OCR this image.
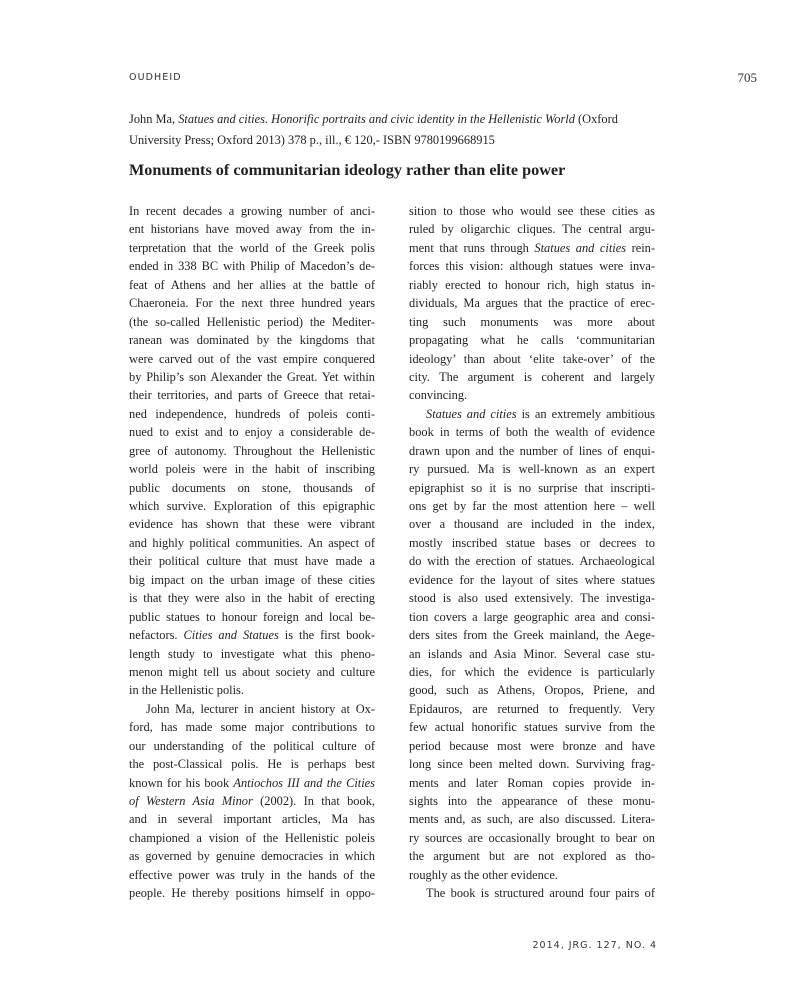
OUDHEID	705
John Ma, Statues and cities. Honorific portraits and civic identity in the Hellenistic World (Oxford
University Press; Oxford 2013) 378 p., ill., € 120,- ISBN 9780199668915
Monuments of communitarian ideology rather than elite power
In recent decades a growing number of anci-
ent historians have moved away from the in-
terpretation that the world of the Greek polis
ended in 338 BC with Philip of Macedon’s de-
feat of Athens and her allies at the battle of
Chaeroneia. For the next three hundred years
(the so-called Hellenistic period) the Mediter-
ranean was dominated by the kingdoms that
were carved out of the vast empire conquered
by Philip’s son Alexander the Great. Yet within
their territories, and parts of Greece that retai-
ned independence, hundreds of poleis conti-
nued to exist and to enjoy a considerable de-
gree of autonomy. Throughout the Hellenistic
world poleis were in the habit of inscribing
public documents on stone, thousands of
which survive. Exploration of this epigraphic
evidence has shown that these were vibrant
and highly political communities. An aspect of
their political culture that must have made a
big impact on the urban image of these cities
is that they were also in the habit of erecting
public statues to honour foreign and local be-
nefactors. Cities and Statues is the first book-
length study to investigate what this pheno-
menon might tell us about society and culture
in the Hellenistic polis.
John Ma, lecturer in ancient history at Ox-
ford, has made some major contributions to
our understanding of the political culture of
the post-Classical polis. He is perhaps best
known for his book Antiochos III and the Cities
of Western Asia Minor (2002). In that book,
and in several important articles, Ma has
championed a vision of the Hellenistic poleis
as governed by genuine democracies in which
effective power was truly in the hands of the
people. He thereby positions himself in oppo-
sition to those who would see these cities as
ruled by oligarchic cliques. The central argu-
ment that runs through Statues and cities rein-
forces this vision: although statues were inva-
riably erected to honour rich, high status in-
dividuals, Ma argues that the practice of erec-
ting such monuments was more about
propagating what he calls ‘communitarian
ideology’ than about ‘elite take-over’ of the
city. The argument is coherent and largely
convincing.
Statues and cities is an extremely ambitious
book in terms of both the wealth of evidence
drawn upon and the number of lines of enqui-
ry pursued. Ma is well-known as an expert
epigraphist so it is no surprise that inscripti-
ons get by far the most attention here – well
over a thousand are included in the index,
mostly inscribed statue bases or decrees to
do with the erection of statues. Archaeological
evidence for the layout of sites where statues
stood is also used extensively. The investiga-
tion covers a large geographic area and consi-
ders sites from the Greek mainland, the Aege-
an islands and Asia Minor. Several case stu-
dies, for which the evidence is particularly
good, such as Athens, Oropos, Priene, and
Epidauros, are returned to frequently. Very
few actual honorific statues survive from the
period because most were bronze and have
long since been melted down. Surviving frag-
ments and later Roman copies provide in-
sights into the appearance of these monu-
ments and, as such, are also discussed. Litera-
ry sources are occasionally brought to bear on
the argument but are not explored as tho-
roughly as the other evidence.
The book is structured around four pairs of
2014, JRG. 127, NO. 4
